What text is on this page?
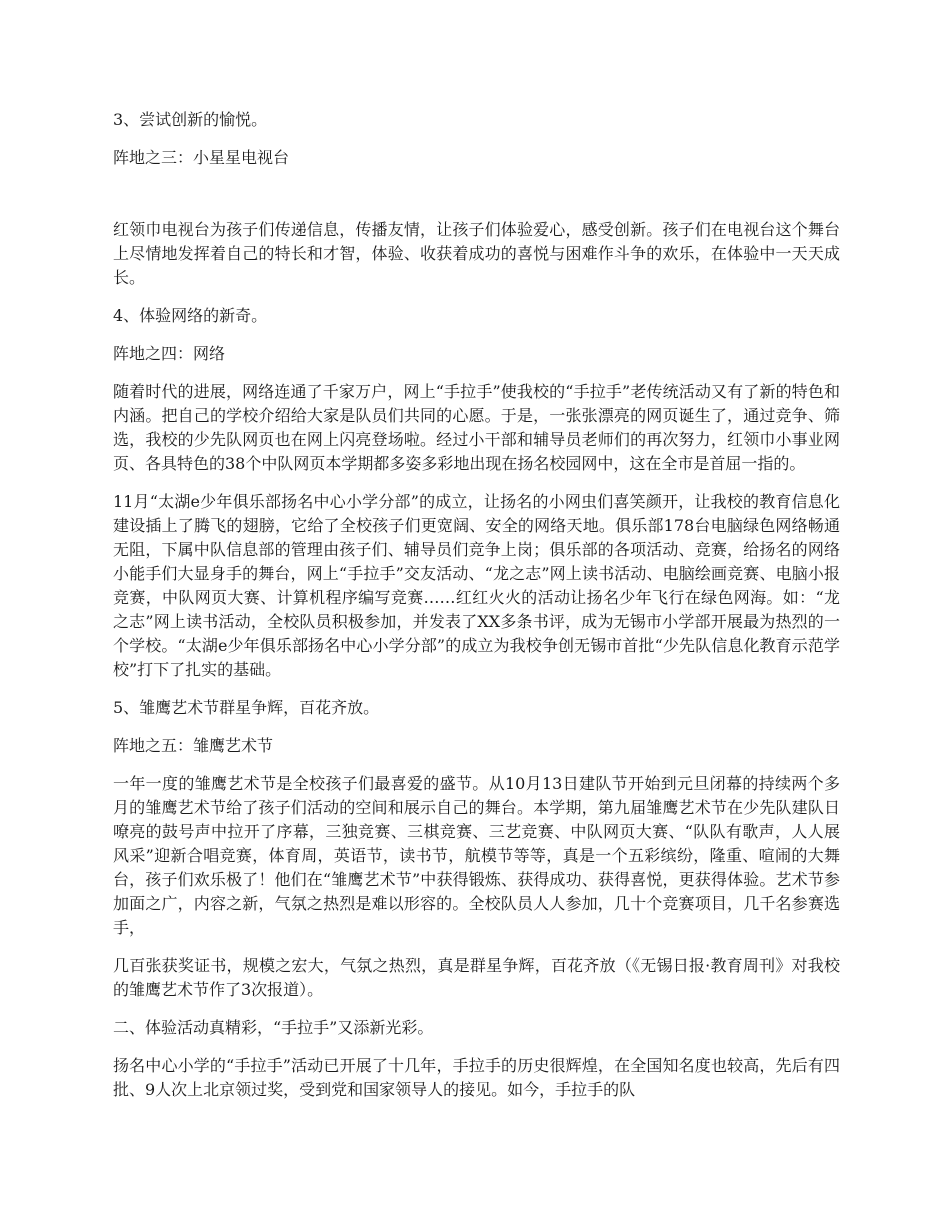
3、尝试创新的愉悦。

阵地之三：小星星电视台

红领巾电视台为孩子们传递信息，传播友情，让孩子们体验爱心，感受创新。孩子们在电视台这个舞台上尽情地发挥着自己的特长和才智，体验、收获着成功的喜悦与困难作斗争的欢乐，在体验中一天天成长。

4、体验网络的新奇。

阵地之四：网络

随着时代的进展，网络连通了千家万户，网上“手拉手”使我校的“手拉手”老传统活动又有了新的特色和内涵。把自己的学校介绍给大家是队员们共同的心愿。于是，一张张漂亮的网页诞生了，通过竞争、筛选，我校的少先队网页也在网上闪亮登场啦。经过小干部和辅导员老师们的再次努力，红领巾小事业网页、各具特色的38个中队网页本学期都多姿多彩地出现在扬名校园网中，这在全市是首屈一指的。

11月“太湖e少年俱乐部扬名中心小学分部”的成立，让扬名的小网虫们喜笑颜开，让我校的教育信息化建设插上了腾飞的翅膀，它给了全校孩子们更宽阔、安全的网络天地。俱乐部178台电脑绿色网络畅通无阻，下属中队信息部的管理由孩子们、辅导员们竞争上岗；俱乐部的各项活动、竞赛，给扬名的网络小能手们大显身手的舞台，网上“手拉手”交友活动、“龙之志”网上读书活动、电脑绘画竞赛、电脑小报竞赛，中队网页大赛、计算机程序编写竞赛……红红火火的活动让扬名少年飞行在绿色网海。如：“龙之志”网上读书活动，全校队员积极参加，并发表了XX多条书评，成为无锡市小学部开展最为热烈的一个学校。“太湖e少年俱乐部扬名中心小学分部”的成立为我校争创无锡市首批“少先队信息化教育示范学校”打下了扎实的基础。

5、雏鹰艺术节群星争辉，百花齐放。

阵地之五：雏鹰艺术节

一年一度的雏鹰艺术节是全校孩子们最喜爱的盛节。从10月13日建队节开始到元旦闭幕的持续两个多月的雏鹰艺术节给了孩子们活动的空间和展示自己的舞台。本学期，第九届雏鹰艺术节在少先队建队日嘹亮的鼓号声中拉开了序幕，三独竞赛、三棋竞赛、三艺竞赛、中队网页大赛、“队队有歌声，人人展风采”迎新合唱竞赛，体育周，英语节，读书节，航模节等等，真是一个五彩缤纷，隆重、喧闹的大舞台，孩子们欢乐极了！他们在“雏鹰艺术节”中获得锻炼、获得成功、获得喜悦，更获得体验。艺术节参加面之广，内容之新，气氛之热烈是难以形容的。全校队员人人参加，几十个竞赛项目，几千名参赛选手，

几百张获奖证书，规模之宏大，气氛之热烈，真是群星争辉，百花齐放（《无锡日报·教育周刊》对我校的雏鹰艺术节作了3次报道）。

二、体验活动真精彩，“手拉手”又添新光彩。

扬名中心小学的“手拉手”活动已开展了十几年，手拉手的历史很辉煌，在全国知名度也较高，先后有四批、9人次上北京领过奖，受到党和国家领导人的接见。如今，手拉手的队
